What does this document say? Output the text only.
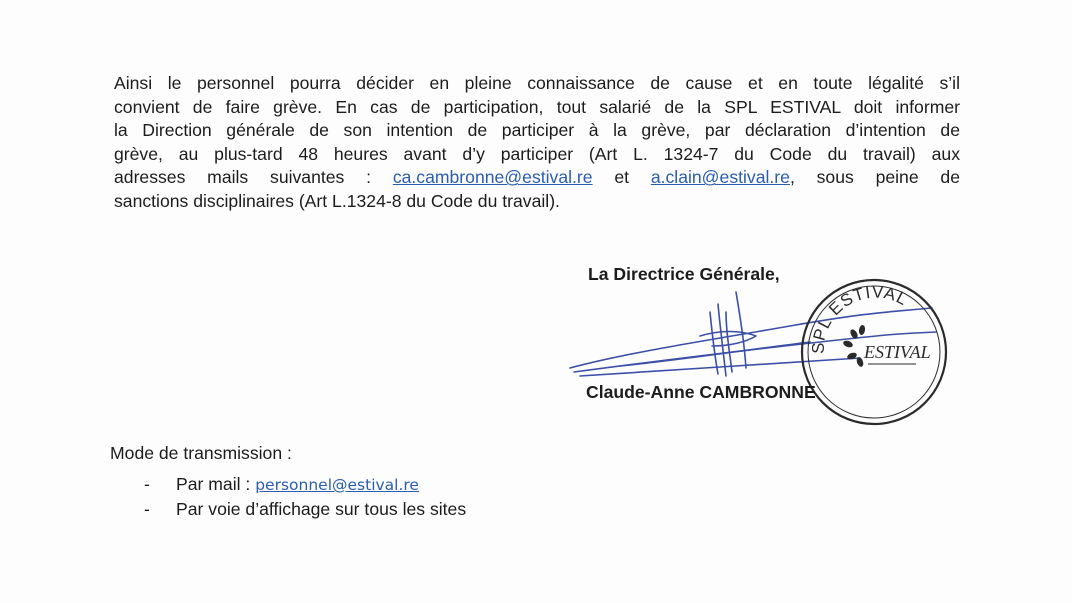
Ainsi le personnel pourra décider en pleine connaissance de cause et en toute légalité s’il
convient de faire grève. En cas de participation, tout salarié de la SPL ESTIVAL doit informer
la Direction générale de son intention de participer à la grève, par déclaration d’intention de
grève, au plus-tard 48 heures avant d’y participer (Art L. 1324-7 du Code du travail) aux
adresses mails suivantes : ca.cambronne@estival.re et a.clain@estival.re, sous peine de
sanctions disciplinaires (Art L.1324-8 du Code du travail).
La Directrice Générale,
SPL ESTIVAL
ESTIVAL
Claude-Anne CAMBRONNE
Mode de transmission :
- Par mail : personnel@estival.re
- Par voie d’affichage sur tous les sites
